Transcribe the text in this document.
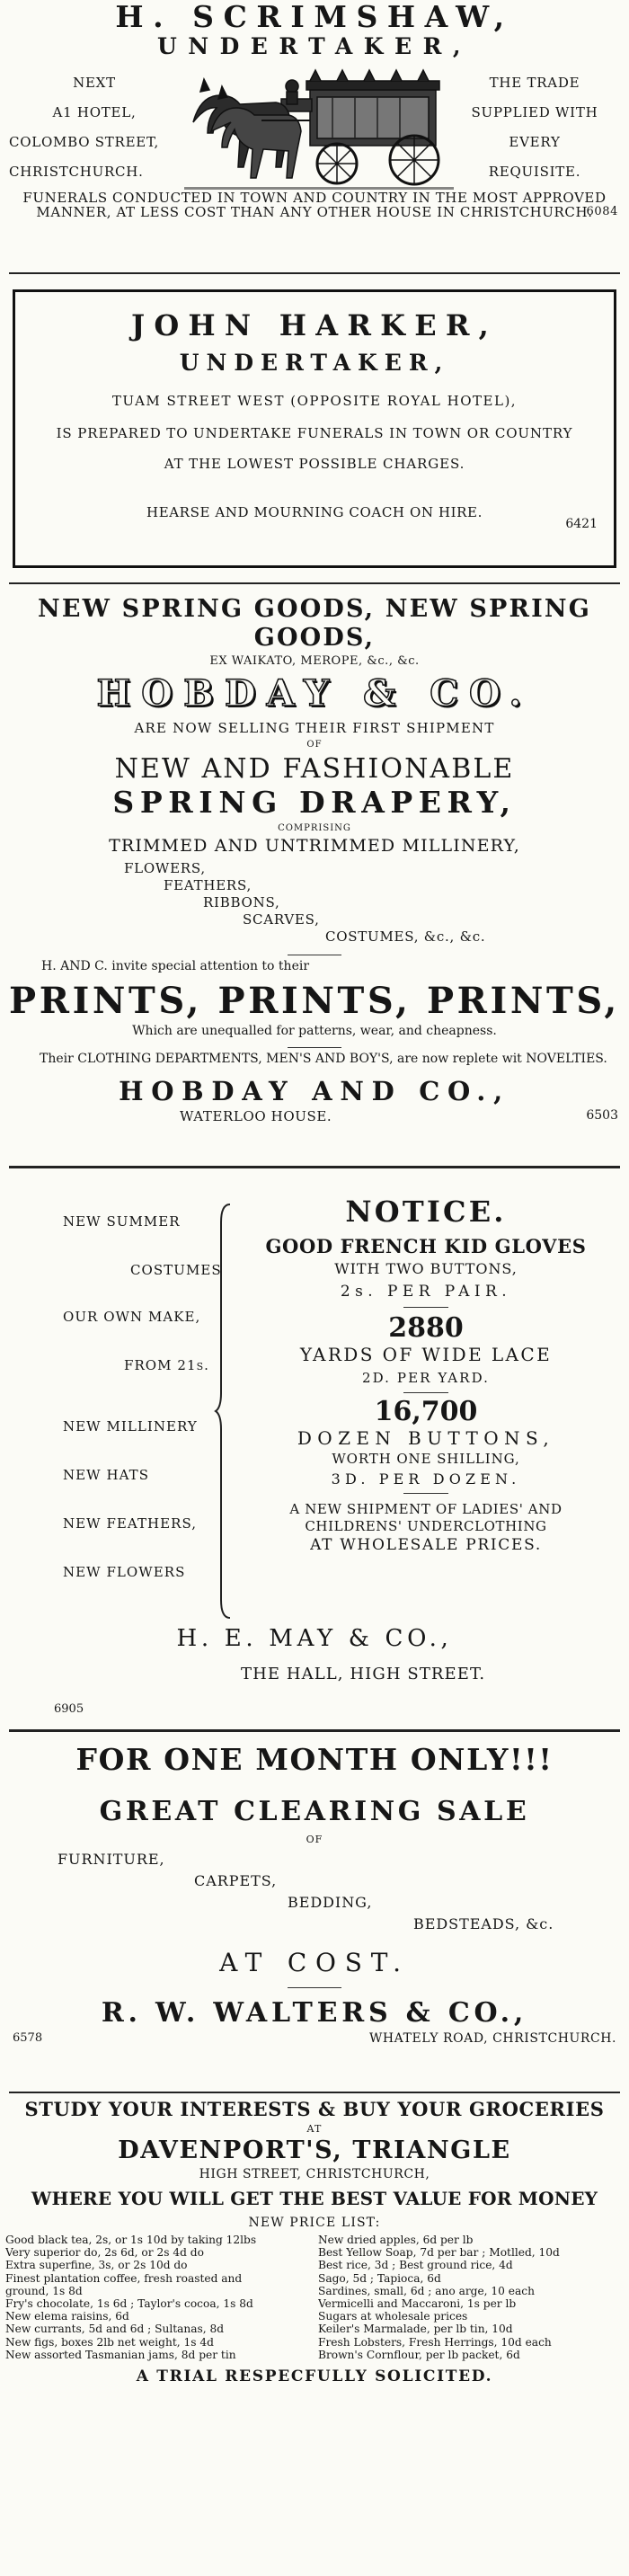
H. SCRIMSHAW,
UNDERTAKER,
NEXT
A1 HOTEL,
COLOMBO STREET,
CHRISTCHURCH.
THE TRADE
SUPPLIED WITH
EVERY
REQUISITE.
FUNERALS CONDUCTED IN TOWN AND COUNTRY IN THE MOST APPROVED MANNER, AT LESS COST THAN ANY OTHER HOUSE IN CHRISTCHURCH.
6084
JOHN HARKER,
UNDERTAKER,
TUAM STREET WEST (OPPOSITE ROYAL HOTEL),
IS PREPARED TO UNDERTAKE FUNERALS IN TOWN OR COUNTRY
AT THE LOWEST POSSIBLE CHARGES.
HEARSE AND MOURNING COACH ON HIRE.
6421
NEW SPRING GOODS, NEW SPRING GOODS,
EX WAIKATO, MEROPE, &c., &c.
HOBDAY & CO.
ARE NOW SELLING THEIR FIRST SHIPMENT
OF
NEW AND FASHIONABLE
SPRING DRAPERY,
COMPRISING
TRIMMED AND UNTRIMMED MILLINERY,
FLOWERS,
FEATHERS,
RIBBONS,
SCARVES,
COSTUMES, &c., &c.
H. AND C. invite special attention to their
PRINTS, PRINTS, PRINTS,
Which are unequalled for patterns, wear, and cheapness.
Their CLOTHING DEPARTMENTS, MEN'S AND BOY'S, are now replete wit NOVELTIES.
HOBDAY AND CO.,
WATERLOO HOUSE.	6503
NEW SUMMER
COSTUMES
OUR OWN MAKE,
FROM 21s.
NEW MILLINERY
NEW HATS
NEW FEATHERS,
NEW FLOWERS
NOTICE.
GOOD FRENCH KID GLOVES
WITH TWO BUTTONS,
2s. PER PAIR.
2880
YARDS OF WIDE LACE
2D. PER YARD.
16,700
DOZEN BUTTONS,
WORTH ONE SHILLING,
3D. PER DOZEN.
A NEW SHIPMENT OF LADIES' AND
CHILDRENS' UNDERCLOTHING
AT WHOLESALE PRICES.
H. E. MAY & CO.,
THE HALL, HIGH STREET.
6905
FOR ONE MONTH ONLY!!!
GREAT CLEARING SALE
OF
FURNITURE,
CARPETS,
BEDDING,
BEDSTEADS, &c.
AT COST.
R. W. WALTERS & CO.,
6578	WHATELY ROAD, CHRISTCHURCH.
STUDY YOUR INTERESTS & BUY YOUR GROCERIES
AT
DAVENPORT'S, TRIANGLE
HIGH STREET, CHRISTCHURCH,
WHERE YOU WILL GET THE BEST VALUE FOR MONEY
NEW PRICE LIST:
Good black tea, 2s, or 1s 10d by taking 12lbs
Very superior do, 2s 6d, or 2s 4d do
Extra superfine, 3s, or 2s 10d do
Finest plantation coffee, fresh roasted and
ground, 1s 8d
Fry's chocolate, 1s 6d ; Taylor's cocoa, 1s 8d
New elema raisins, 6d
New currants, 5d and 6d ; Sultanas, 8d
New figs, boxes 2lb net weight, 1s 4d
New assorted Tasmanian jams, 8d per tin
New dried apples, 6d per lb
Best Yellow Soap, 7d per bar ; Motlled, 10d
Best rice, 3d ; Best ground rice, 4d
Sago, 5d ; Tapioca, 6d
Sardines, small, 6d ; ano arge, 10 each
Vermicelli and Maccaroni, 1s per lb
Sugars at wholesale prices
Keiler's Marmalade, per lb tin, 10d
Fresh Lobsters, Fresh Herrings, 10d each
Brown's Cornflour, per lb packet, 6d
A TRIAL RESPECFULLY SOLICITED.
